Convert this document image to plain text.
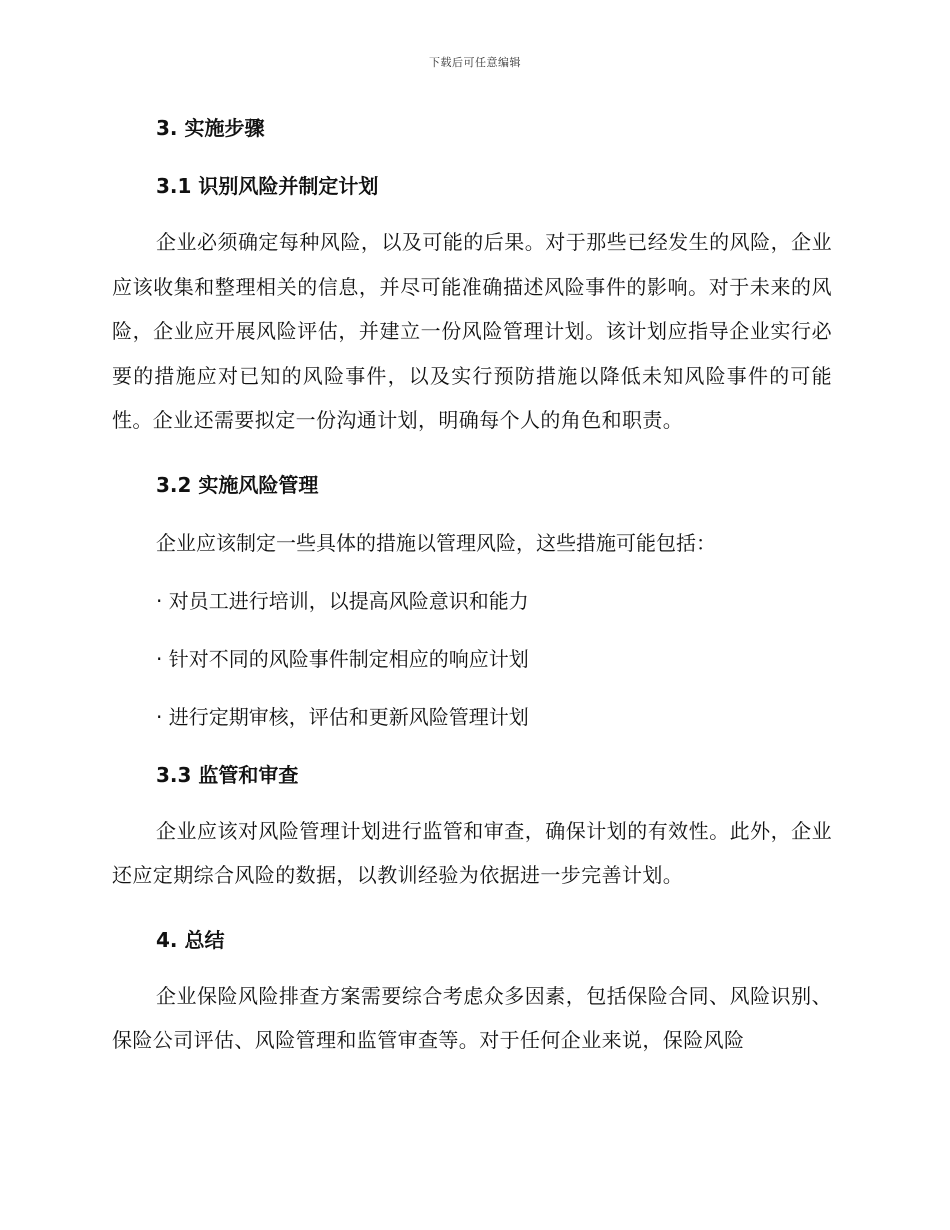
下载后可任意编辑
3. 实施步骤
3.1 识别风险并制定计划

企业必须确定每种风险，以及可能的后果。对于那些已经发生的风险，企业应该收集和整理相关的信息，并尽可能准确描述风险事件的影响。对于未来的风险，企业应开展风险评估，并建立一份风险管理计划。该计划应指导企业实行必要的措施应对已知的风险事件，以及实行预防措施以降低未知风险事件的可能性。企业还需要拟定一份沟通计划，明确每个人的角色和职责。

3.2 实施风险管理

企业应该制定一些具体的措施以管理风险，这些措施可能包括：

· 对员工进行培训，以提高风险意识和能力

· 针对不同的风险事件制定相应的响应计划

· 进行定期审核，评估和更新风险管理计划

3.3 监管和审查

企业应该对风险管理计划进行监管和审查，确保计划的有效性。此外，企业还应定期综合风险的数据，以教训经验为依据进一步完善计划。

4. 总结

企业保险风险排查方案需要综合考虑众多因素，包括保险合同、风险识别、保险公司评估、风险管理和监管审查等。对于任何企业来说，保险风险
